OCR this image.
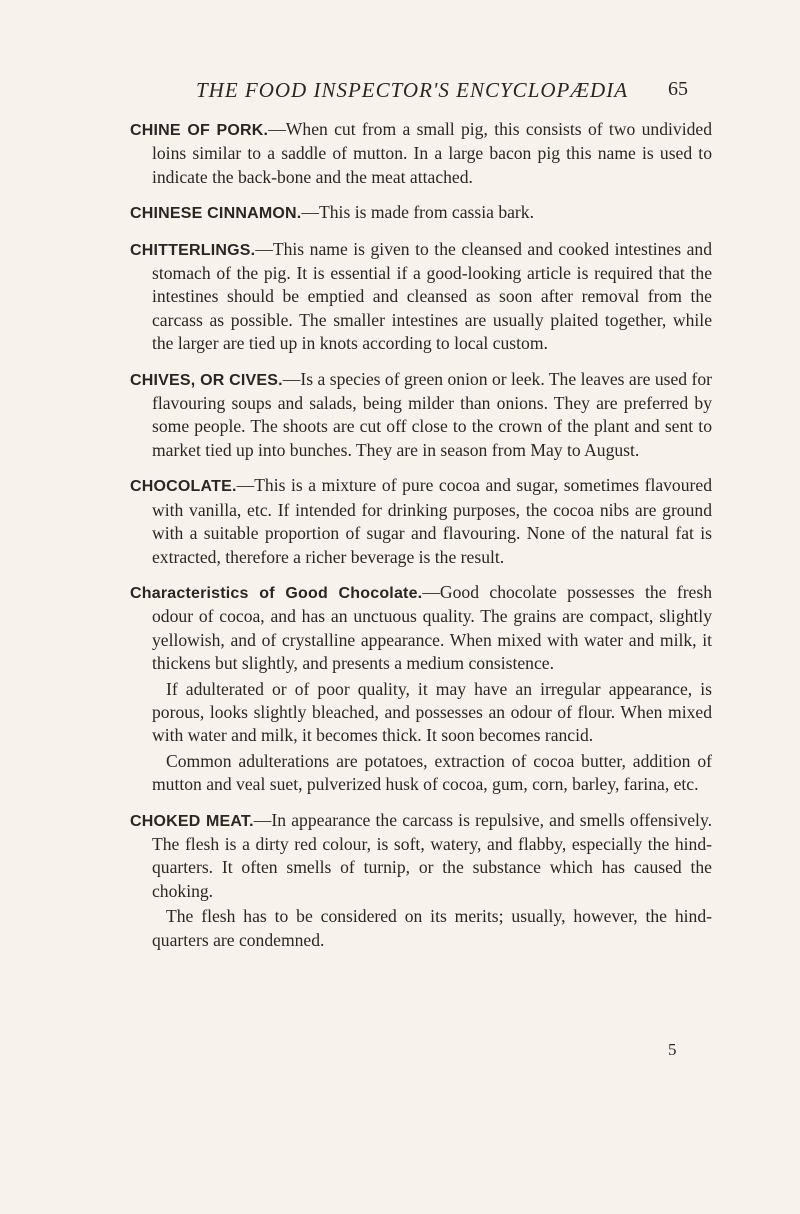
THE FOOD INSPECTOR'S ENCYCLOPÆDIA	65

CHINE OF PORK.—When cut from a small pig, this consists of two undivided loins similar to a saddle of mutton. In a large bacon pig this name is used to indicate the back-bone and the meat attached.

CHINESE CINNAMON.—This is made from cassia bark.

CHITTERLINGS.—This name is given to the cleansed and cooked intestines and stomach of the pig. It is essential if a good-looking article is required that the intestines should be emptied and cleansed as soon after removal from the carcass as possible. The smaller intestines are usually plaited together, while the larger are tied up in knots according to local custom.

CHIVES, OR CIVES.—Is a species of green onion or leek. The leaves are used for flavouring soups and salads, being milder than onions. They are preferred by some people. The shoots are cut off close to the crown of the plant and sent to market tied up into bunches. They are in season from May to August.

CHOCOLATE.—This is a mixture of pure cocoa and sugar, sometimes flavoured with vanilla, etc. If intended for drinking purposes, the cocoa nibs are ground with a suitable proportion of sugar and flavouring. None of the natural fat is extracted, therefore a richer beverage is the result.

Characteristics of Good Chocolate.—Good chocolate possesses the fresh odour of cocoa, and has an unctuous quality. The grains are compact, slightly yellowish, and of crystalline appearance. When mixed with water and milk, it thickens but slightly, and presents a medium consistence.

If adulterated or of poor quality, it may have an irregular appearance, is porous, looks slightly bleached, and possesses an odour of flour. When mixed with water and milk, it becomes thick. It soon becomes rancid.

Common adulterations are potatoes, extraction of cocoa butter, addition of mutton and veal suet, pulverized husk of cocoa, gum, corn, barley, farina, etc.

CHOKED MEAT.—In appearance the carcass is repulsive, and smells offensively. The flesh is a dirty red colour, is soft, watery, and flabby, especially the hind-quarters. It often smells of turnip, or the substance which has caused the choking.

The flesh has to be considered on its merits; usually, however, the hind-quarters are condemned.

5
